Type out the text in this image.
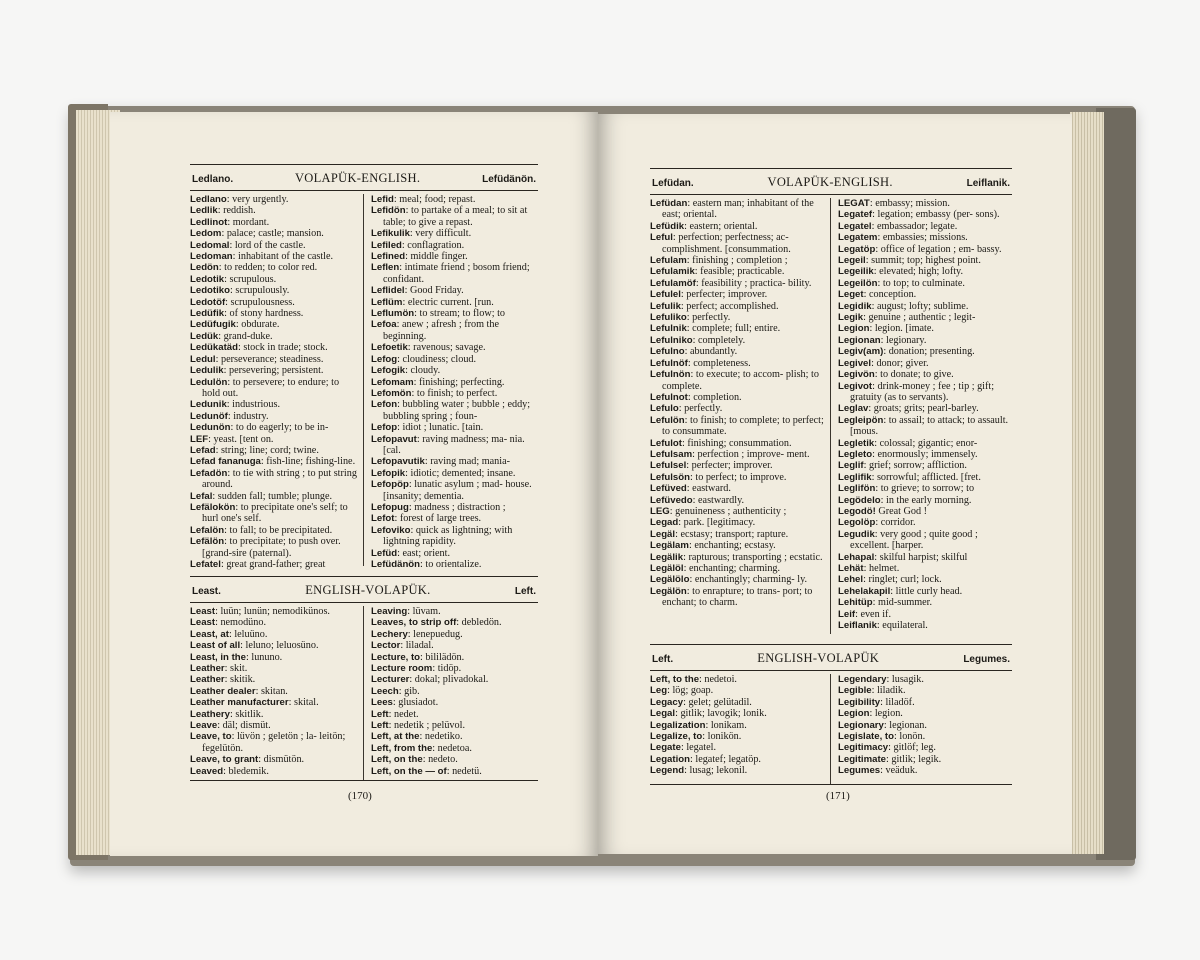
Ledlano.	VOLAPÜK-ENGLISH.	Lefüdänön.
Ledlano: very urgently.
Ledlik: reddish.
Ledlinot: mordant.
Ledom: palace; castle; mansion.
Ledomal: lord of the castle.
Ledoman: inhabitant of the castle.
Ledön: to redden; to color red.
Ledotik: scrupulous.
Ledotiko: scrupulously.
Ledotöf: scrupulousness.
Ledüfik: of stony hardness.
Ledüfugik: obdurate.
Ledük: grand-duke.
Ledükatäd: stock in trade; stock.
Ledul: perseverance; steadiness.
Ledulik: persevering; persistent.
Ledulön: to persevere; to endure; to hold out.
Ledunik: industrious.
Ledunöf: industry.
Ledunön: to do eagerly; to be in-
LEF: yeast. [tent on.
Lefad: string; line; cord; twine.
Lefad fananuga: fish-line; fishing-line.
Lefadön: to tie with string ; to put string around.
Lefal: sudden fall; tumble; plunge.
Lefälokön: to precipitate one's self; to hurl one's self.
Lefalön: to fall; to be precipitated.
Lefälön: to precipitate; to push over. [grand-sire (paternal).
Lefatel: great grand-father; great
Lefid: meal; food; repast.
Lefidön: to partake of a meal; to sit at table; to give a repast.
Lefikulik: very difficult.
Lefiled: conflagration.
Lefined: middle finger.
Leflen: intimate friend ; bosom friend; confidant.
Leflidel: Good Friday.
Leflüm: electric current. [run.
Leflumön: to stream; to flow; to
Lefoa: anew ; afresh ; from the beginning.
Lefoetik: ravenous; savage.
Lefog: cloudiness; cloud.
Lefogik: cloudy.
Lefomam: finishing; perfecting.
Lefomön: to finish; to perfect.
Lefon: bubbling water ; bubble ; eddy; bubbling spring ; foun-
Lefop: idiot ; lunatic. [tain.
Lefopavut: raving madness; ma- nia. [cal.
Lefopavutik: raving mad; mania-
Lefopik: idiotic; demented; insane.
Lefopöp: lunatic asylum ; mad- house. [insanity; dementia.
Lefopug: madness ; distraction ;
Lefot: forest of large trees.
Lefoviko: quick as lightning; with lightning rapidity.
Lefüd: east; orient.
Lefüdänön: to orientalize.
Least.	ENGLISH-VOLAPÜK.	Left.
Least: luün; lunün; nemodikünos.
Least: nemodüno.
Least, at: leluüno.
Least of all: leluno; leluosüno.
Least, in the: lununo.
Leather: skit.
Leather: skitik.
Leather dealer: skitan.
Leather manufacturer: skital.
Leathery: skitlik.
Leave: däl; dismüt.
Leave, to: lüvön ; geletön ; la- leitön; fegelütön.
Leave, to grant: dismütön.
Leaved: bledemik.
Leaving: lüvam.
Leaves, to strip off: debledön.
Lechery: lenepuedug.
Lector: liladal.
Lecture, to: bililädön.
Lecture room: tidöp.
Lecturer: dokal; plivadokal.
Leech: gib.
Lees: glusiadot.
Left: nedet.
Left: nedetik ; pelüvol.
Left, at the: nedetiko.
Left, from the: nedetoa.
Left, on the: nedeto.
Left, on the — of: nedetü.
(170)
Lefüdan.	VOLAPÜK-ENGLISH.	Leiflanik.
Lefüdan: eastern man; inhabitant of the east; oriental.
Lefüdik: eastern; oriental.
Leful: perfection; perfectness; ac- complishment. [consummation.
Lefulam: finishing ; completion ;
Lefulamik: feasible; practicable.
Lefulamöf: feasibility ; practica- bility.
Lefulel: perfecter; improver.
Lefulik: perfect; accomplished.
Lefuliko: perfectly.
Lefulnik: complete; full; entire.
Lefulniko: completely.
Lefulno: abundantly.
Lefulnöf: completeness.
Lefulnön: to execute; to accom- plish; to complete.
Lefulnot: completion.
Lefulo: perfectly.
Lefulön: to finish; to complete; to perfect; to consummate.
Lefulot: finishing; consummation.
Lefulsam: perfection ; improve- ment.
Lefulsel: perfecter; improver.
Lefulsön: to perfect; to improve.
Lefüved: eastward.
Lefüvedo: eastwardly.
LEG: genuineness ; authenticity ;
Legad: park. [legitimacy.
Legäl: ecstasy; transport; rapture.
Legälam: enchanting; ecstasy.
Legälik: rapturous; transporting ; ecstatic.
Legälöl: enchanting; charming.
Legälölo: enchantingly; charming- ly.
Legälön: to enrapture; to trans- port; to enchant; to charm.
LEGAT: embassy; mission.
Legatef: legation; embassy (per- sons).
Legatel: embassador; legate.
Legatem: embassies; missions.
Legatöp: office of legation ; em- bassy.
Legeil: summit; top; highest point.
Legeilik: elevated; high; lofty.
Legeilön: to top; to culminate.
Leget: conception.
Legidik: august; lofty; sublime.
Legik: genuine ; authentic ; legit-
Legion: legion. [imate.
Legionan: legionary.
Legiv(am): donation; presenting.
Legivel: donor; giver.
Legivön: to donate; to give.
Legivot: drink-money ; fee ; tip ; gift; gratuity (as to servants).
Leglav: groats; grits; pearl-barley.
Legleipön: to assail; to attack; to assault. [mous.
Legletik: colossal; gigantic; enor-
Legleto: enormously; immensely.
Leglif: grief; sorrow; affliction.
Leglifik: sorrowful; afflicted. [fret.
Leglifön: to grieve; to sorrow; to
Legödelo: in the early morning.
Legodö! Great God !
Legolöp: corridor.
Legudik: very good ; quite good ; excellent. [harper.
Lehapal: skilful harpist; skilful
Lehät: helmet.
Lehel: ringlet; curl; lock.
Lehelakapil: little curly head.
Lehitüp: mid-summer.
Leif: even if.
Leiflanik: equilateral.
Left.	ENGLISH-VOLAPÜK	Legumes.
Left, to the: nedetoi.
Leg: lög; goap.
Legacy: gelet; gelütadil.
Legal: gitlik; lavogik; lonik.
Legalization: lonikam.
Legalize, to: lonikön.
Legate: legatel.
Legation: legatef; legatöp.
Legend: lusag; lekonil.
Legendary: lusagik.
Legible: liladik.
Legibility: liladöf.
Legion: legion.
Legionary: legionan.
Legislate, to: lonön.
Legitimacy: gitlöf; leg.
Legitimate: gitlik; legik.
Legumes: veäduk.
(171)
